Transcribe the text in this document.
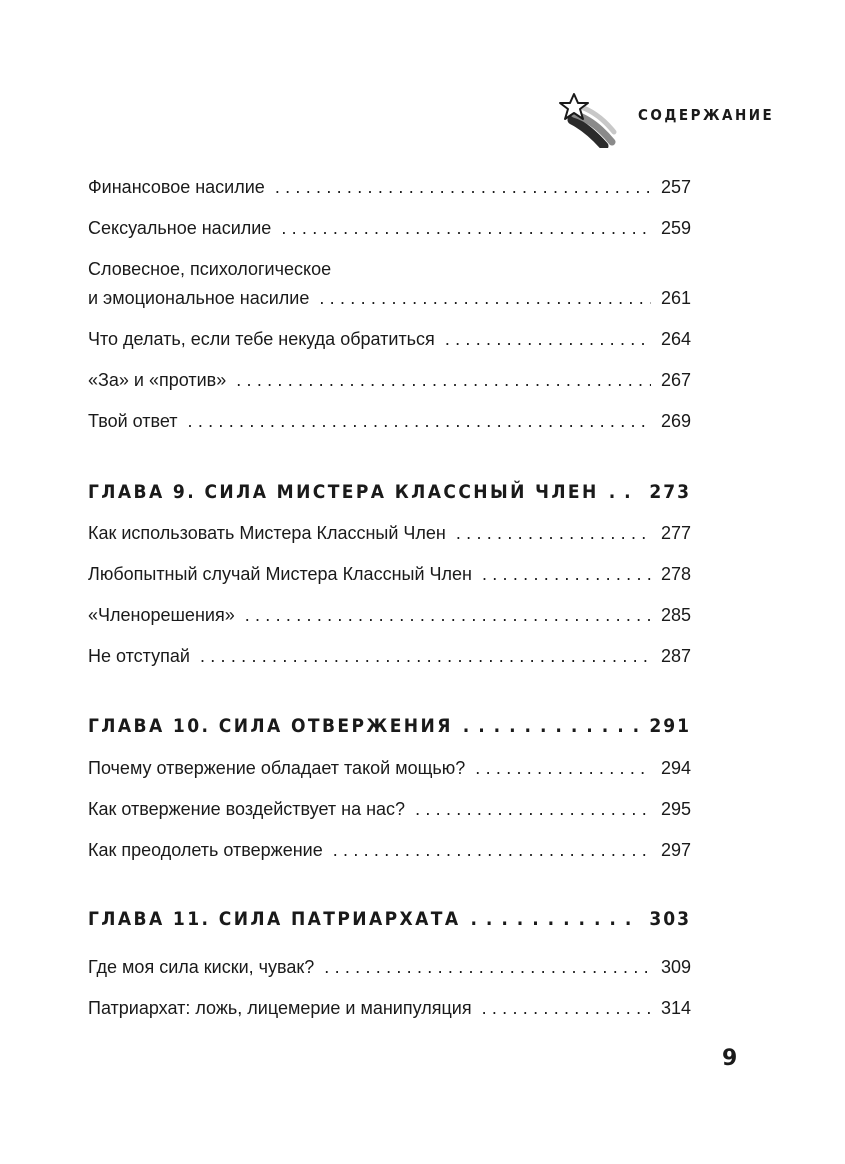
СОДЕРЖАНИЕ
Финансовое насилие . . .	257
Сексуальное насилие . . .	259
Словесное, психологическое
и эмоциональное насилие . . .	261
Что делать, если тебе некуда обратиться . . .	264
«За» и «против» . . .	267
Твой ответ . . .	269
ГЛАВА 9. СИЛА МИСТЕРА КЛАССНЫЙ ЧЛЕН . . .	273
Как использовать Мистера Классный Член . . .	277
Любопытный случай Мистера Классный Член . . .	278
«Членорешения» . . .	285
Не отступай . . .	287
ГЛАВА 10. СИЛА ОТВЕРЖЕНИЯ . . .	291
Почему отвержение обладает такой мощью? . . .	294
Как отвержение воздействует на нас? . . .	295
Как преодолеть отвержение . . .	297
ГЛАВА 11. СИЛА ПАТРИАРХАТА . . .	303
Где моя сила киски, чувак? . . .	309
Патриархат: ложь, лицемерие и манипуляция . . .	314
9
